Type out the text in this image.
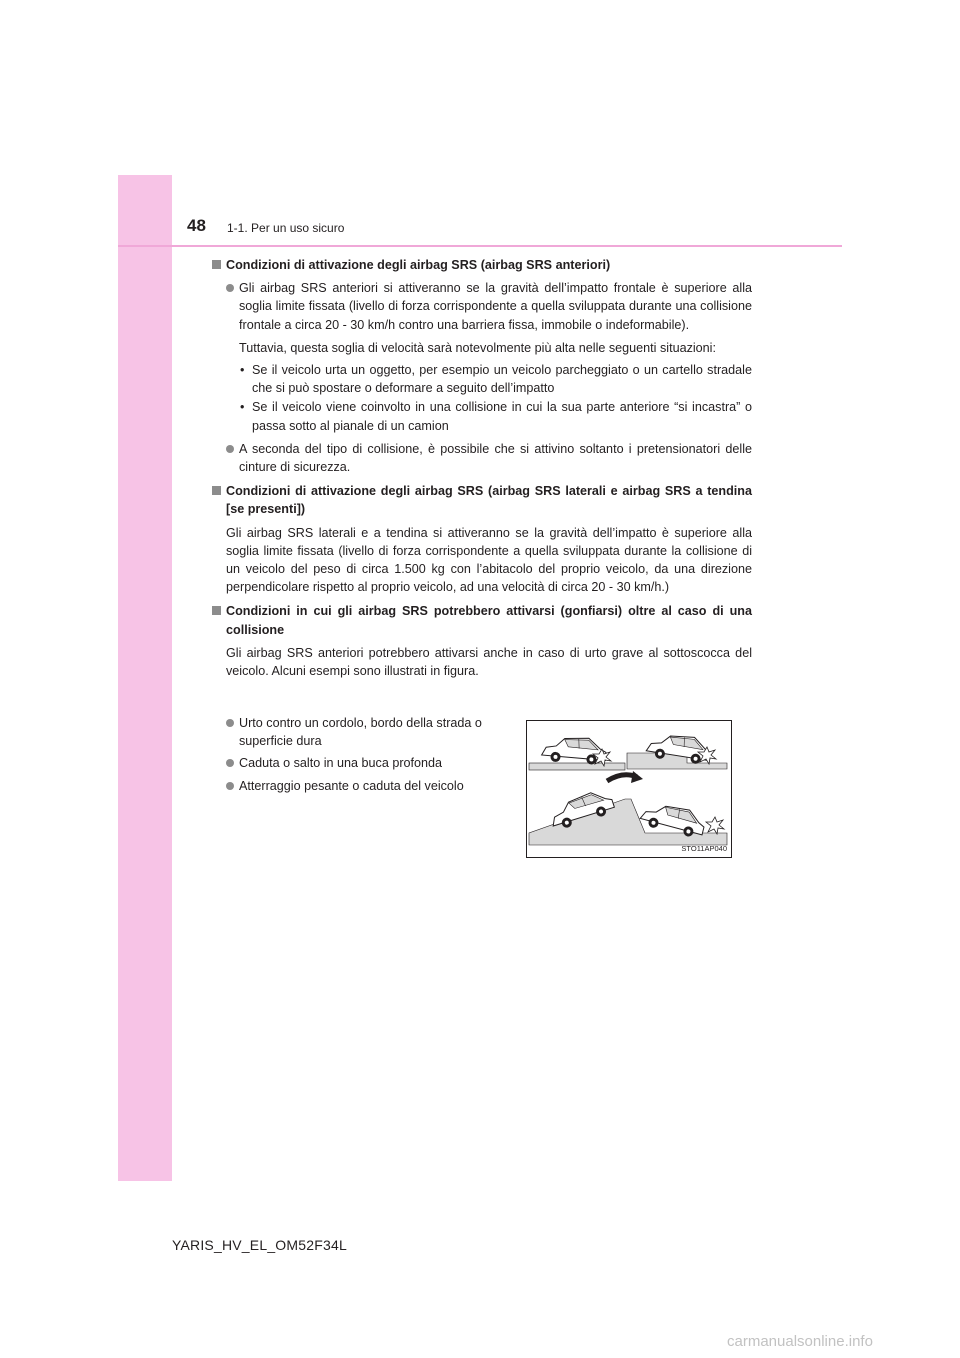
48 1-1. Per un uso sicuro
Condizioni di attivazione degli airbag SRS (airbag SRS anteriori)
Gli airbag SRS anteriori si attiveranno se la gravità dell’impatto frontale è superiore alla soglia limite fissata (livello di forza corrispondente a quella sviluppata durante una collisione frontale a circa 20 - 30 km/h contro una barriera fissa, immobile o indeformabile).
Tuttavia, questa soglia di velocità sarà notevolmente più alta nelle seguenti situazioni:
• Se il veicolo urta un oggetto, per esempio un veicolo parcheggiato o un cartello stradale che si può spostare o deformare a seguito dell’impatto
• Se il veicolo viene coinvolto in una collisione in cui la sua parte anteriore “si incastra” o passa sotto al pianale di un camion
A seconda del tipo di collisione, è possibile che si attivino soltanto i pretensionatori delle cinture di sicurezza.
Condizioni di attivazione degli airbag SRS (airbag SRS laterali e airbag SRS a tendina [se presenti])
Gli airbag SRS laterali e a tendina si attiveranno se la gravità dell’impatto è superiore alla soglia limite fissata (livello di forza corrispondente a quella sviluppata durante la collisione di un veicolo del peso di circa 1.500 kg con l’abitacolo del proprio veicolo, da una direzione perpendicolare rispetto al proprio veicolo, ad una velocità di circa 20 - 30 km/h.)
Condizioni in cui gli airbag SRS potrebbero attivarsi (gonfiarsi) oltre al caso di una collisione
Gli airbag SRS anteriori potrebbero attivarsi anche in caso di urto grave al sottoscocca del veicolo. Alcuni esempi sono illustrati in figura.
Urto contro un cordolo, bordo della strada o superficie dura
Caduta o salto in una buca profonda
Atterraggio pesante o caduta del veicolo
STO11AP040
YARIS_HV_EL_OM52F34L
carmanualsonline.info
